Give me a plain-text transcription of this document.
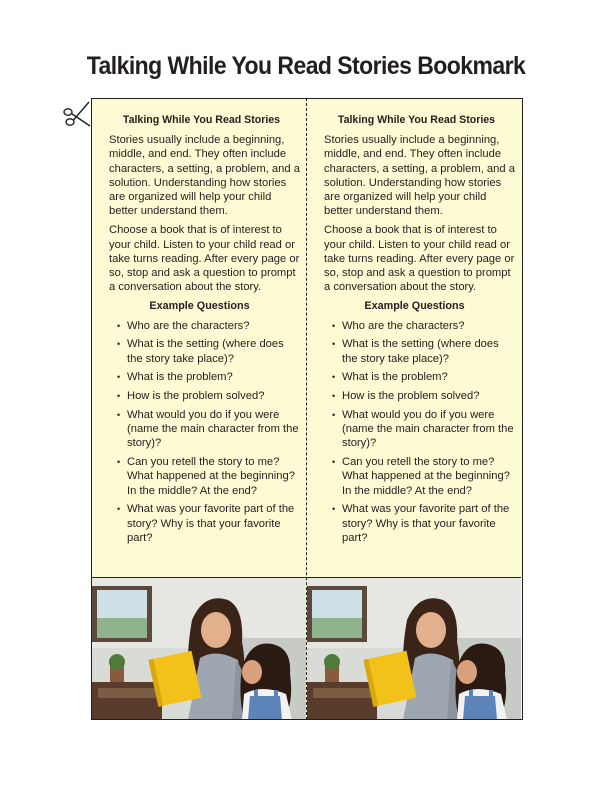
Talking While You Read Stories Bookmark

Talking While You Read Stories

Stories usually include a beginning, middle, and end. They often include characters, a setting, a problem, and a solution. Understanding how stories are organized will help your child better understand them.

Choose a book that is of interest to your child. Listen to your child read or take turns reading. After every page or so, stop and ask a question to prompt a conversation about the story.

Example Questions

• Who are the characters?
• What is the setting (where does the story take place)?
• What is the problem?
• How is the problem solved?
• What would you do if you were (name the main character from the story)?
• Can you retell the story to me? What happened at the beginning? In the middle? At the end?
• What was your favorite part of the story? Why is that your favorite part?

Talking While You Read Stories

Stories usually include a beginning, middle, and end. They often include characters, a setting, a problem, and a solution. Understanding how stories are organized will help your child better understand them.

Choose a book that is of interest to your child. Listen to your child read or take turns reading. After every page or so, stop and ask a question to prompt a conversation about the story.

Example Questions

• Who are the characters?
• What is the setting (where does the story take place)?
• What is the problem?
• How is the problem solved?
• What would you do if you were (name the main character from the story)?
• Can you retell the story to me? What happened at the beginning? In the middle? At the end?
• What was your favorite part of the story? Why is that your favorite part?
